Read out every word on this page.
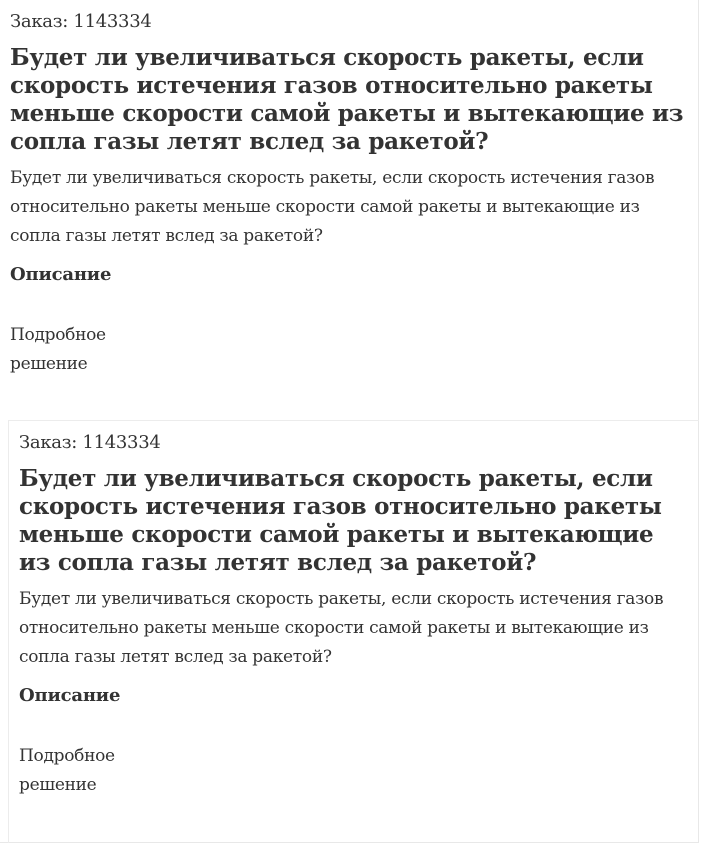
Заказ: 1143334
Будет ли увеличиваться скорость ракеты, если скорость истечения газов относительно ракеты меньше скорости самой ракеты и вытекающие из сопла газы летят вслед за ракетой?
Будет ли увеличиваться скорость ракеты, если скорость истечения газов относительно ракеты меньше скорости самой ракеты и вытекающие из сопла газы летят вслед за ракетой?
Описание
Подробное решение
Заказ: 1143334
Будет ли увеличиваться скорость ракеты, если скорость истечения газов относительно ракеты меньше скорости самой ракеты и вытекающие из сопла газы летят вслед за ракетой?
Будет ли увеличиваться скорость ракеты, если скорость истечения газов относительно ракеты меньше скорости самой ракеты и вытекающие из сопла газы летят вслед за ракетой?
Описание
Подробное решение
